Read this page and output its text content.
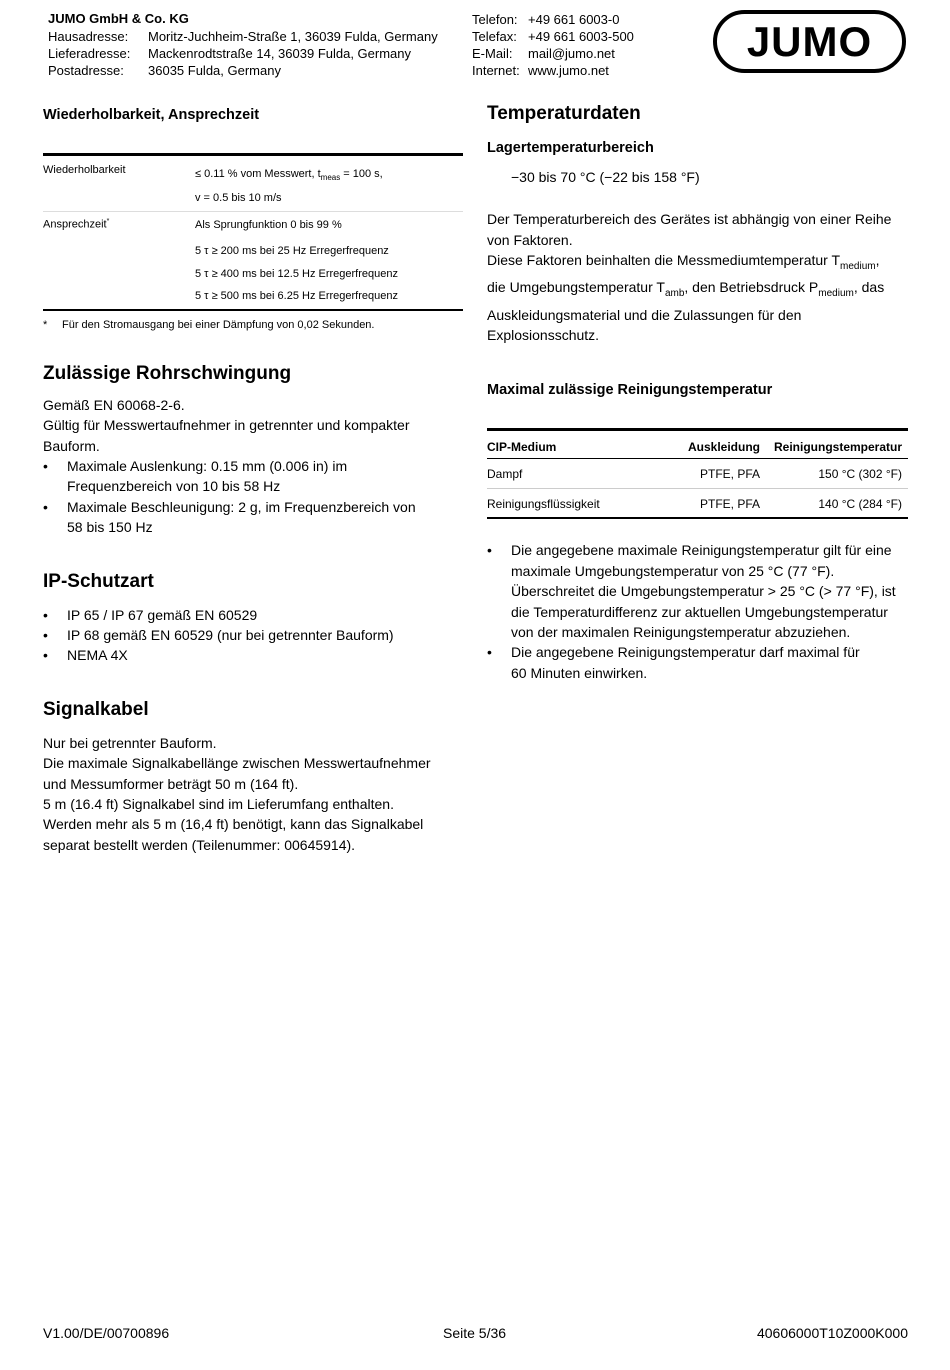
JUMO GmbH & Co. KG
Hausadresse:	Moritz-Juchheim-Straße 1, 36039 Fulda, Germany
Lieferadresse:	Mackenrodtstraße 14, 36039 Fulda, Germany
Postadresse:	36035 Fulda, Germany
Telefon: +49 661 6003-0
Telefax: +49 661 6003-500
E-Mail:	mail@jumo.net
Internet: www.jumo.net
JUMO
Wiederholbarkeit, Ansprechzeit
Wiederholbarkeit	≤ 0.11 % vom Messwert, $t_{meas} = 100$ s,
v = 0.5 bis 10 m/s

Ansprechzeit*	Als Sprungfunktion 0 bis 99 %
5 τ ≥ 200 ms bei 25 Hz Erregerfrequenz
5 τ ≥ 400 ms bei 12.5 Hz Erregerfrequenz
5 τ ≥ 500 ms bei 6.25 Hz Erregerfrequenz
*	Für den Stromausgang bei einer Dämpfung von 0,02 Sekunden.
Zulässige Rohrschwingung
Gemäß EN 60068-2-6.
Gültig für Messwertaufnehmer in getrennter und kompakter
Bauform.
• Maximale Auslenkung: 0.15 mm (0.006 in) im
Frequenzbereich von 10 bis 58 Hz
• Maximale Beschleunigung: 2 g, im Frequenzbereich von
58 bis 150 Hz
IP-Schutzart
• IP 65 / IP 67 gemäß EN 60529
• IP 68 gemäß EN 60529 (nur bei getrennter Bauform)
• NEMA 4X
Signalkabel
Nur bei getrennter Bauform.
Die maximale Signalkabellänge zwischen Messwertaufnehmer
und Messumformer beträgt 50 m (164 ft).
5 m (16.4 ft) Signalkabel sind im Lieferumfang enthalten.
Werden mehr als 5 m (16,4 ft) benötigt, kann das Signalkabel
separat bestellt werden (Teilenummer: 00645914).
Temperaturdaten
Lagertemperaturbereich
−30 bis 70 °C (−22 bis 158 °F)
Der Temperaturbereich des Gerätes ist abhängig von einer Reihe
von Faktoren.
Diese Faktoren beinhalten die Messmediumtemperatur $T_{medium}$,
die Umgebungstemperatur $T_{amb}$, den Betriebsdruck $P_{medium}$, das
Auskleidungsmaterial und die Zulassungen für den
Explosionsschutz.
Maximal zulässige Reinigungstemperatur
CIP-Medium	Auskleidung	Reinigungstemperatur
Dampf	PTFE, PFA	150 °C (302 °F)
Reinigungsflüssigkeit	PTFE, PFA	140 °C (284 °F)
• Die angegebene maximale Reinigungstemperatur gilt für eine
maximale Umgebungstemperatur von 25 °C (77 °F).
Überschreitet die Umgebungstemperatur > 25 °C (> 77 °F), ist
die Temperaturdifferenz zur aktuellen Umgebungstemperatur
von der maximalen Reinigungstemperatur abzuziehen.
• Die angegebene Reinigungstemperatur darf maximal für
60 Minuten einwirken.
V1.00/DE/00700896	Seite 5/36	40606000T10Z000K000
